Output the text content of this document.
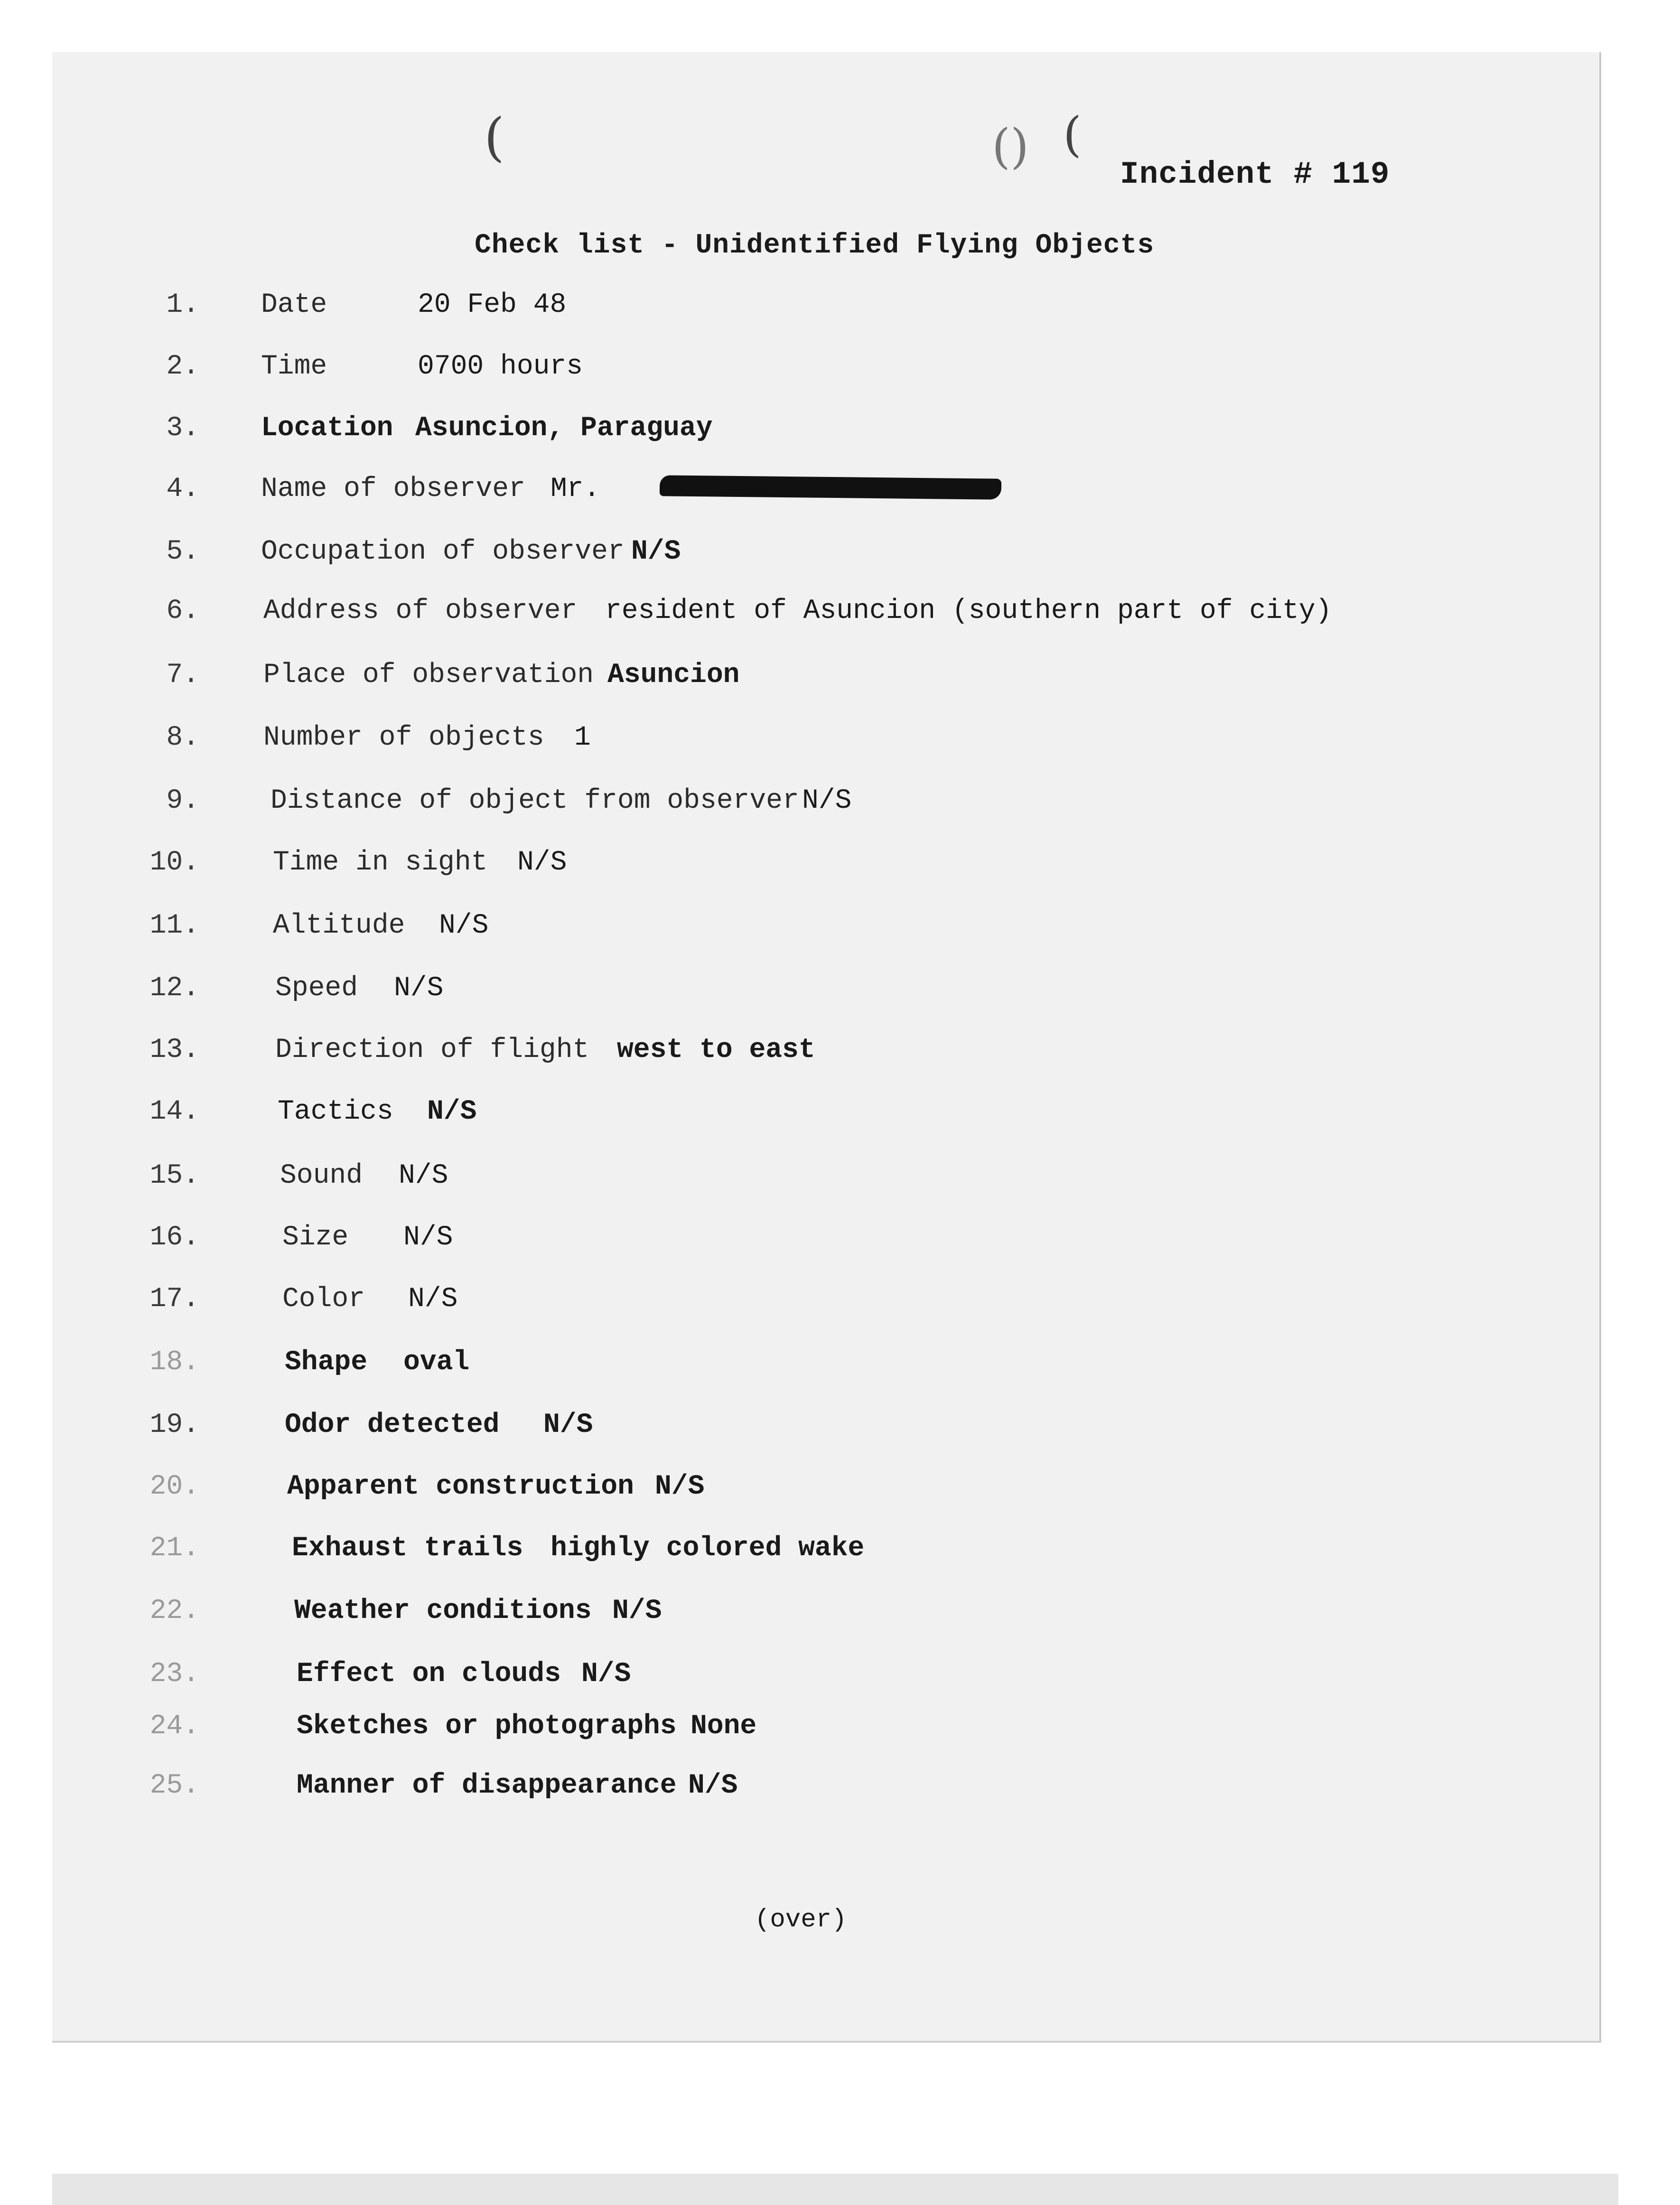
(	() (
Incident # 119
Check list - Unidentified Flying Objects
1. Date	20 Feb 48
2. Time	0700 hours
3. Location Asuncion, Paraguay
4. Name of observer Mr.
5. Occupation of observer N/S
6. Address of observer resident of Asuncion (southern part of city)
7. Place of observation Asuncion
8. Number of objects 1
9.	Distance of object from observer N/S
10.	Time in sight N/S
11.	Altitude N/S
12.	Speed N/S
13.	Direction of flight west to east
14.	Tactics N/S
15.	Sound N/S
16.	Size N/S
17.	Color N/S
18.	Shape oval
19.	Odor detected N/S
20.	Apparent construction N/S
21.	Exhaust trails highly colored wake
22.	Weather conditions N/S
23.	Effect on clouds N/S
24.	Sketches or photographs None
25.	Manner of disappearance N/S
(over)
